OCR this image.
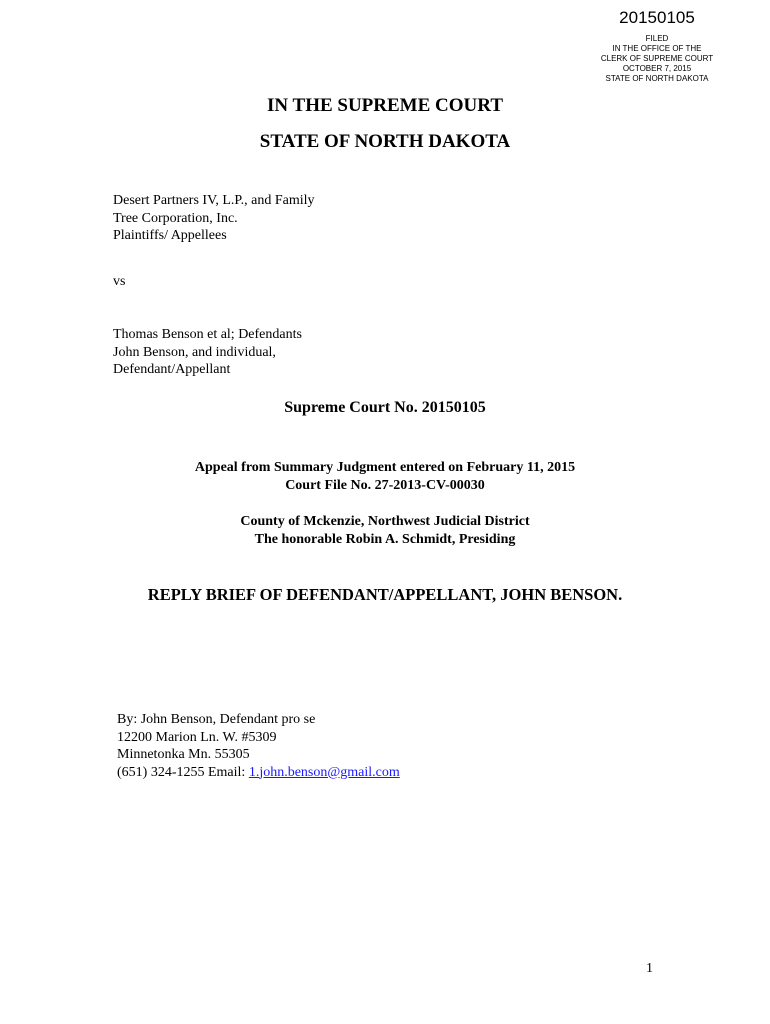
20150105
FILED
IN THE OFFICE OF THE
CLERK OF SUPREME COURT
OCTOBER 7, 2015
STATE OF NORTH DAKOTA
IN THE SUPREME COURT
STATE OF NORTH DAKOTA
Desert Partners IV, L.P., and Family
Tree Corporation, Inc.
Plaintiffs/ Appellees
vs
Thomas Benson et al; Defendants
John Benson, and individual,
Defendant/Appellant
Supreme Court No. 20150105
Appeal from Summary Judgment entered on February 11, 2015
Court File No. 27-2013-CV-00030
County of Mckenzie, Northwest Judicial District
The honorable Robin A. Schmidt, Presiding
REPLY BRIEF OF DEFENDANT/APPELLANT, JOHN BENSON.
By: John Benson, Defendant pro se
12200 Marion Ln. W. #5309
Minnetonka Mn. 55305
(651) 324-1255 Email: 1.john.benson@gmail.com
1
